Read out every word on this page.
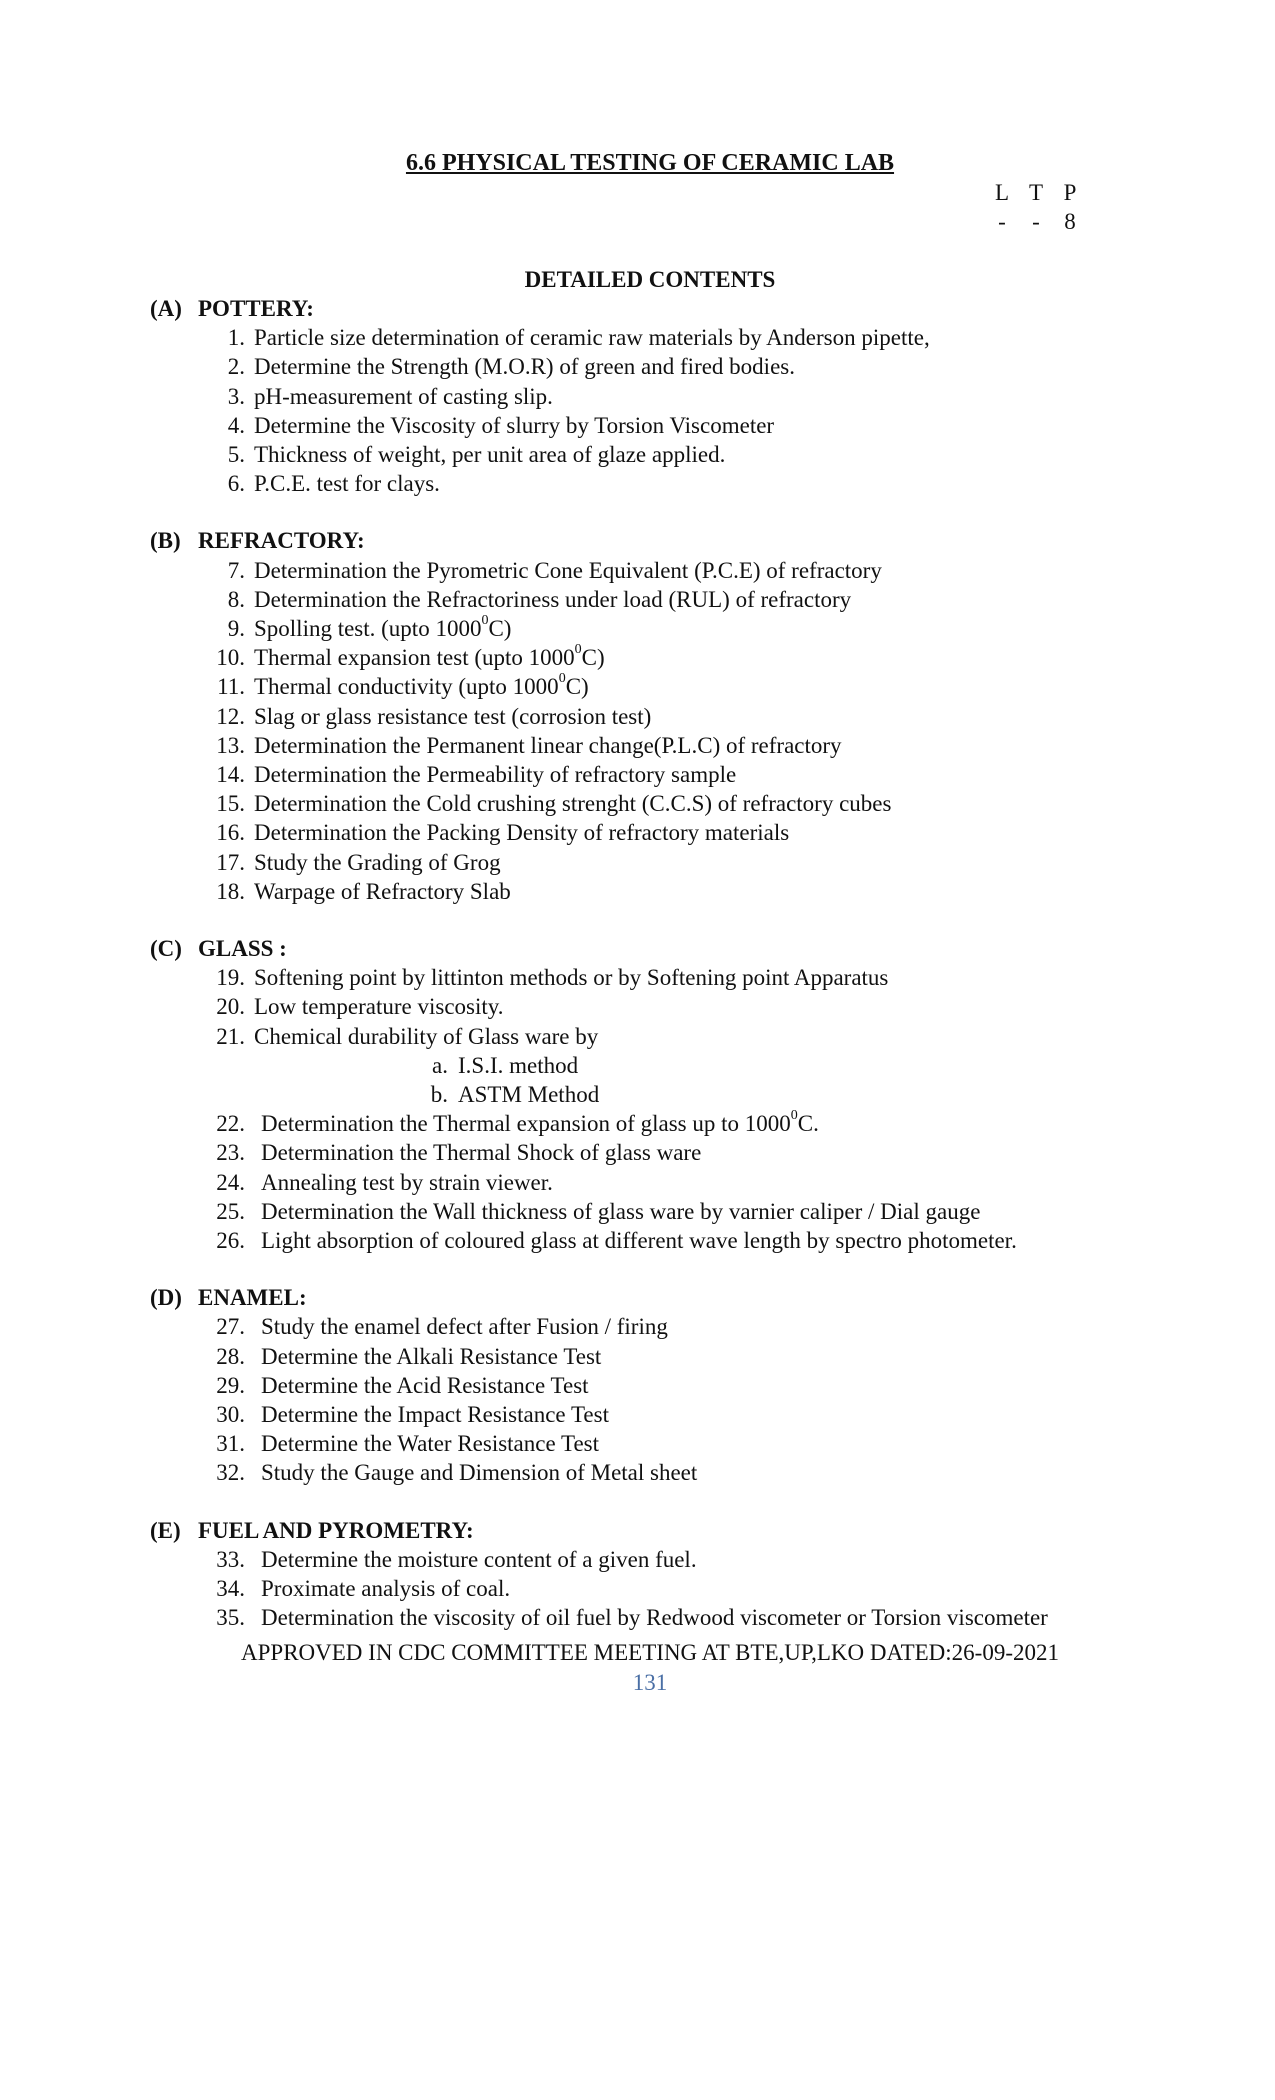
6.6 PHYSICAL TESTING OF CERAMIC LAB
L T P
- - 8
DETAILED CONTENTS
(A) POTTERY:
1. Particle size determination of ceramic raw materials by Anderson pipette,
2. Determine the Strength (M.O.R) of green and fired bodies.
3. pH-measurement of casting slip.
4. Determine the Viscosity of slurry by Torsion Viscometer
5. Thickness of weight, per unit area of glaze applied.
6. P.C.E. test for clays.
(B) REFRACTORY:
7. Determination the Pyrometric Cone Equivalent (P.C.E) of refractory
8. Determination the Refractoriness under load (RUL) of refractory
9. Spolling test. (upto 1000$^0$C)
10. Thermal expansion test (upto 1000$^0$C)
11. Thermal conductivity (upto 1000$^0$C)
12. Slag or glass resistance test (corrosion test)
13. Determination the Permanent linear change(P.L.C) of refractory
14. Determination the Permeability of refractory sample
15. Determination the Cold crushing strenght (C.C.S) of refractory cubes
16. Determination the Packing Density of refractory materials
17. Study the Grading of Grog
18. Warpage of Refractory Slab
(C) GLASS :
19. Softening point by littinton methods or by Softening point Apparatus
20. Low temperature viscosity.
21. Chemical durability of Glass ware by
a. I.S.I. method
b. ASTM Method
22. Determination the Thermal expansion of glass up to 1000$^0$C.
23. Determination the Thermal Shock of glass ware
24. Annealing test by strain viewer.
25. Determination the Wall thickness of glass ware by varnier caliper / Dial gauge
26. Light absorption of coloured glass at different wave length by spectro photometer.
(D) ENAMEL:
27. Study the enamel defect after Fusion / firing
28. Determine the Alkali Resistance Test
29. Determine the Acid Resistance Test
30. Determine the Impact Resistance Test
31. Determine the Water Resistance Test
32. Study the Gauge and Dimension of Metal sheet
(E) FUEL AND PYROMETRY:
33. Determine the moisture content of a given fuel.
34. Proximate analysis of coal.
35. Determination the viscosity of oil fuel by Redwood viscometer or Torsion viscometer
APPROVED IN CDC COMMITTEE MEETING AT BTE,UP,LKO DATED:26-09-2021
131
